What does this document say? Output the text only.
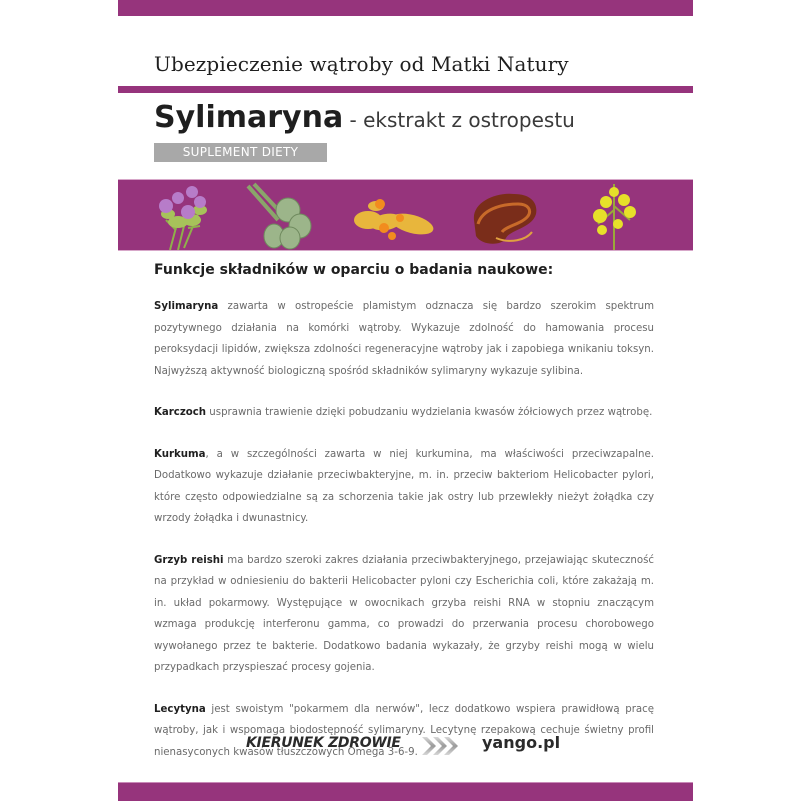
Ubezpieczenie wątroby od Matki Natury
Sylimaryna - ekstrakt z ostropestu
SUPLEMENT DIETY
Funkcje składników w oparciu o badania naukowe:

Sylimaryna zawarta w ostropeście plamistym odznacza się bardzo szerokim spektrum pozytywnego działania na komórki wątroby. Wykazuje zdolność do hamowania procesu peroksydacji lipidów, zwiększa zdolności regeneracyjne wątroby jak i zapobiega wnikaniu toksyn. Najwyższą aktywność biologiczną spośród składników sylimaryny wykazuje sylibina.

Karczoch usprawnia trawienie dzięki pobudzaniu wydzielania kwasów żółciowych przez wątrobę.

Kurkuma, a w szczególności zawarta w niej kurkumina, ma właściwości przeciwzapalne. Dodatkowo wykazuje działanie przeciwbakteryjne, m. in. przeciw bakteriom Helicobacter pylori, które często odpowiedzialne są za schorzenia takie jak ostry lub przewlekły nieżyt żołądka czy wrzody żołądka i dwunastnicy.

Grzyb reishi ma bardzo szeroki zakres działania przeciwbakteryjnego, przejawiając skuteczność na przykład w odniesieniu do bakterii Helicobacter pyloni czy Escherichia coli, które zakażają m. in. układ pokarmowy. Występujące w owocnikach grzyba reishi RNA w stopniu znaczącym wzmaga produkcję interferonu gamma, co prowadzi do przerwania procesu chorobowego wywołanego przez te bakterie. Dodatkowo badania wykazały, że grzyby reishi mogą w wielu przypadkach przyspieszać procesy gojenia.

Lecytyna jest swoistym "pokarmem dla nerwów", lecz dodatkowo wspiera prawidłową pracę wątroby, jak i wspomaga biodostępność sylimaryny. Lecytynę rzepakową cechuje świetny profil nienasyconych kwasów tłuszczowych Omega 3-6-9.

KIERUNEK ZDROWIE	yango.pl
